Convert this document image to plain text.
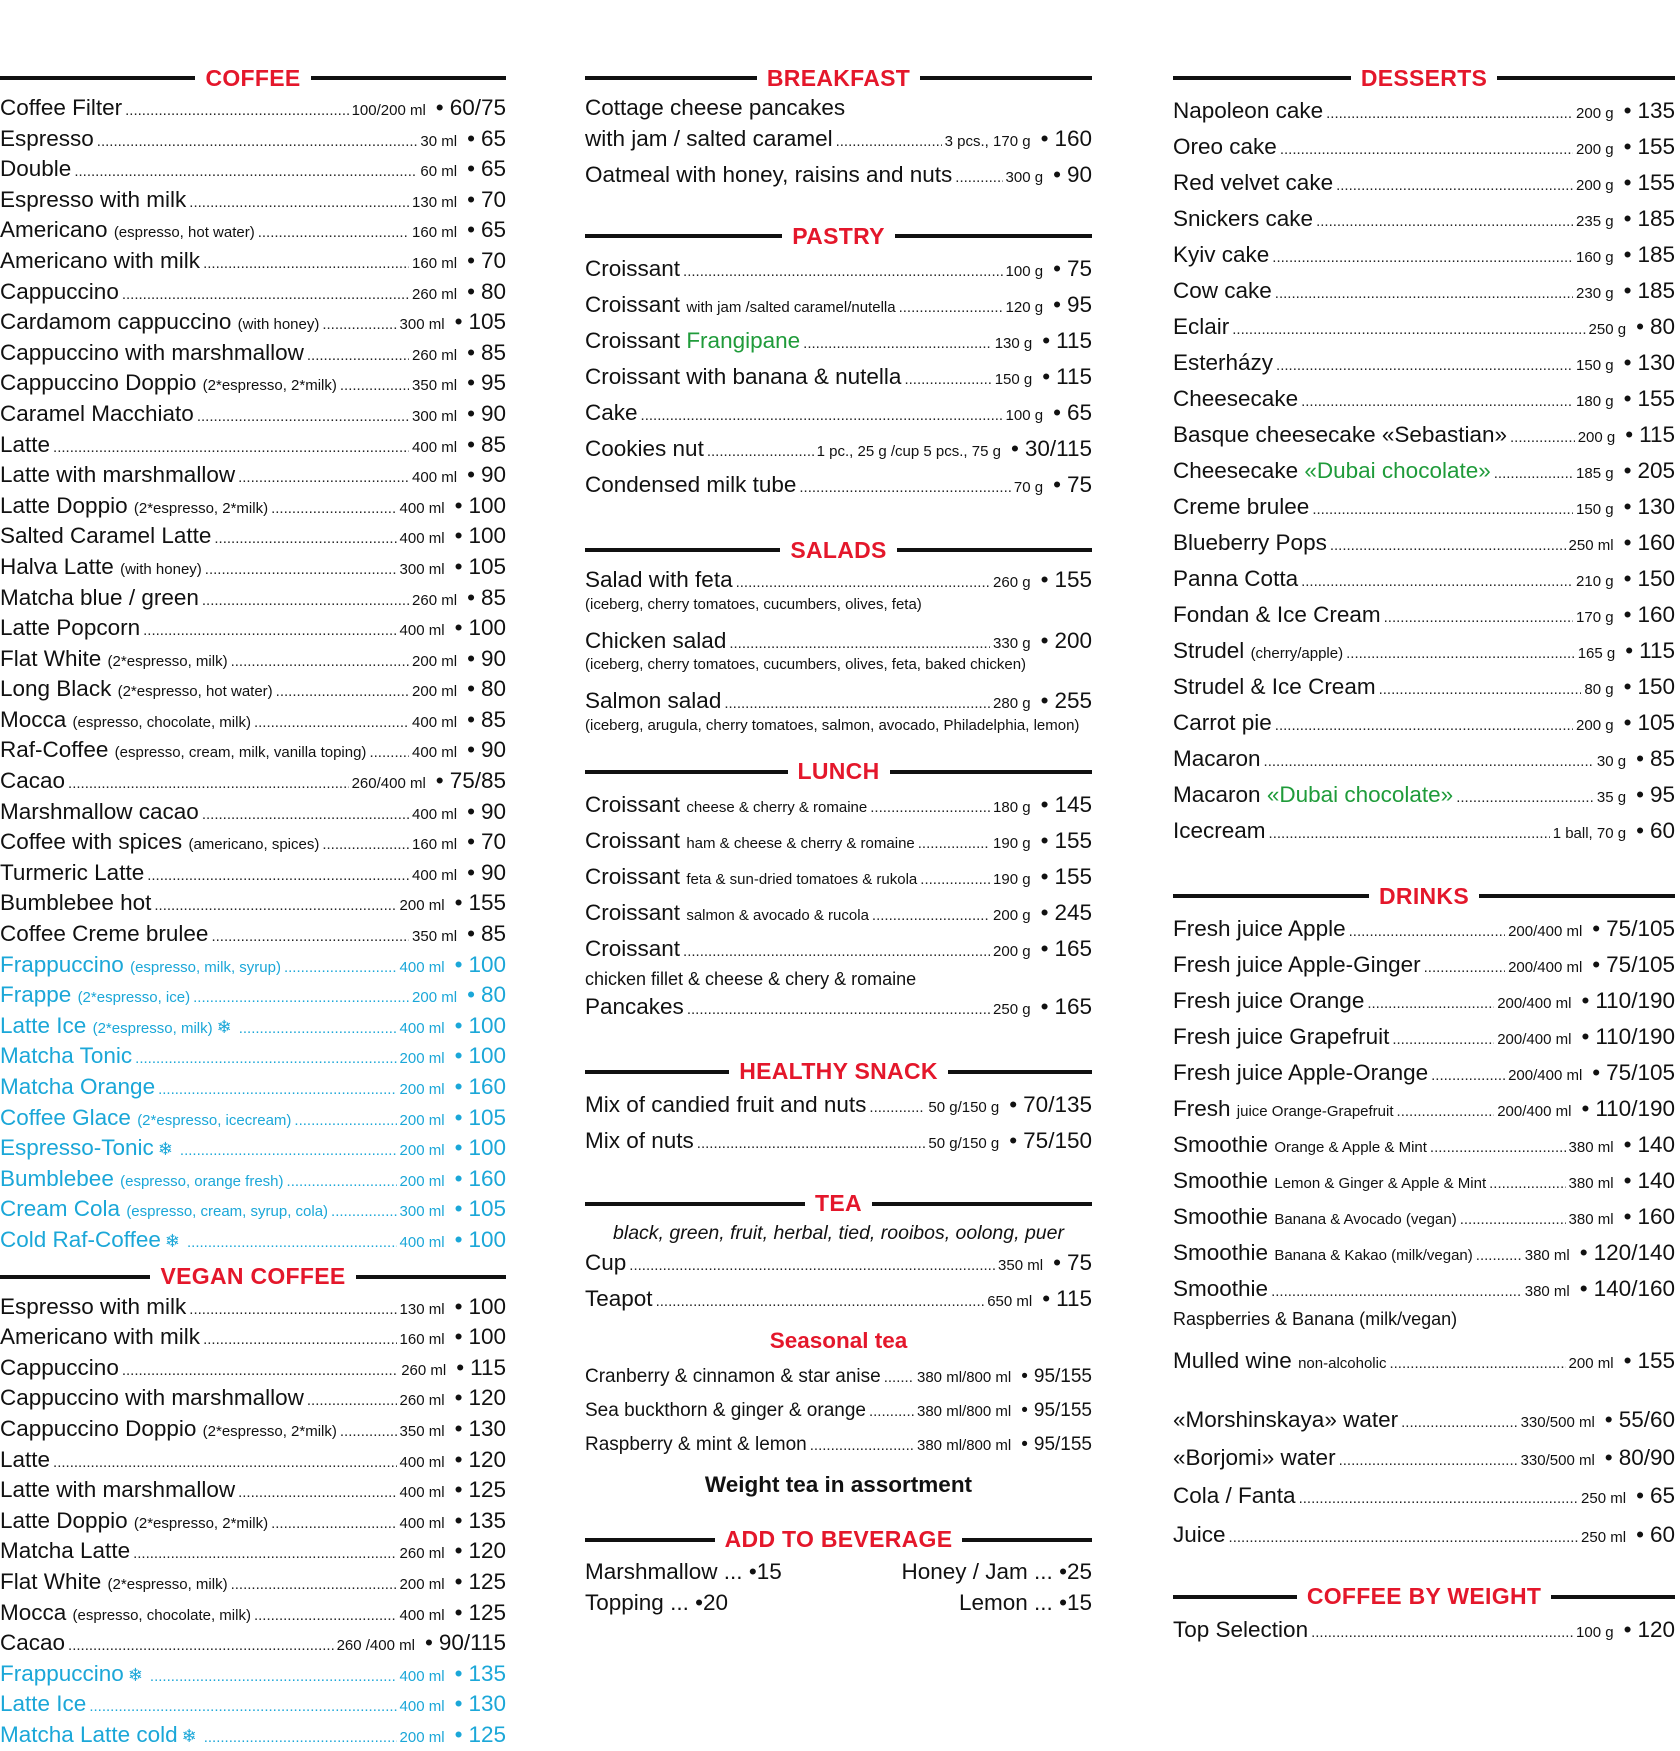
COFFEE
Coffee Filter .....	100/200 ml	• 60/75
Espresso .....	30 ml	• 65
Double .....	60 ml	• 65
Espresso with milk .....	130 ml	• 70
Americano (espresso, hot water) .....	160 ml	• 65
Americano with milk .....	160 ml	• 70
Cappuccino .....	260 ml	• 80
Cardamom cappuccino (with honey) .....	300 ml	• 105
Cappuccino with marshmallow .....	260 ml	• 85
Cappuccino Doppio (2*espresso, 2*milk) .....	350 ml	• 95
Caramel Macchiato .....	300 ml	• 90
Latte .....	400 ml	• 85
Latte with marshmallow .....	400 ml	• 90
Latte Doppio (2*espresso, 2*milk) .....	400 ml	• 100
Salted Caramel Latte .....	400 ml	• 100
Halva Latte (with honey) .....	300 ml	• 105
Matcha blue / green .....	260 ml	• 85
Latte Popcorn .....	400 ml	• 100
Flat White (2*espresso, milk) .....	200 ml	• 90
Long Black (2*espresso, hot water) .....	200 ml	• 80
Mocca (espresso, chocolate, milk) .....	400 ml	• 85
Raf-Coffee (espresso, cream, milk, vanilla toping) .....	400 ml	• 90
Cacao .....	260/400 ml	• 75/85
Marshmallow cacao .....	400 ml	• 90
Coffee with spices (americano, spices) .....	160 ml	• 70
Turmeric Latte .....	400 ml	• 90
Bumblebee hot .....	200 ml	• 155
Coffee Creme brulee .....	350 ml	• 85
Frappuccino (espresso, milk, syrup) .....	400 ml	• 100
Frappe (2*espresso, ice) .....	200 ml	• 80
Latte Ice (2*espresso, milk) ❄ .....	400 ml	• 100
Matcha Tonic .....	200 ml	• 100
Matcha Orange .....	200 ml	• 160
Coffee Glace (2*espresso, icecream) .....	200 ml	• 105
Espresso-Tonic ❄ .....	200 ml	• 100
Bumblebee (espresso, orange fresh) .....	200 ml	• 160
Cream Cola (espresso, cream, syrup, cola) .....	300 ml	• 105
Cold Raf-Coffee ❄ .....	400 ml	• 100
VEGAN COFFEE
Espresso with milk .....	130 ml	• 100
Americano with milk .....	160 ml	• 100
Cappuccino .....	260 ml	• 115
Cappuccino with marshmallow .....	260 ml	• 120
Cappuccino Doppio (2*espresso, 2*milk) .....	350 ml	• 130
Latte .....	400 ml	• 120
Latte with marshmallow .....	400 ml	• 125
Latte Doppio (2*espresso, 2*milk) .....	400 ml	• 135
Matcha Latte .....	260 ml	• 120
Flat White (2*espresso, milk) .....	200 ml	• 125
Mocca (espresso, chocolate, milk) .....	400 ml	• 125
Cacao .....	260 /400 ml	• 90/115
Frappuccino ❄ .....	400 ml	• 135
Latte Ice .....	400 ml	• 130
Matcha Latte cold ❄ .....	200 ml	• 125
BREAKFAST
Cottage cheese pancakes
with jam / salted caramel .....	3 pcs., 170 g	• 160
Oatmeal with honey, raisins and nuts .....	300 g	• 90
PASTRY
Croissant .....	100 g	• 75
Croissant with jam /salted caramel/nutella .....	120 g	• 95
Croissant Frangipane .....	130 g	• 115
Croissant with banana & nutella .....	150 g	• 115
Cake .....	100 g	• 65
Cookies nut .....	1 pc., 25 g /cup 5 pcs., 75 g	• 30/115
Condensed milk tube .....	70 g	• 75
SALADS
Salad with feta .....	260 g	• 155
(iceberg, cherry tomatoes, cucumbers, olives, feta)
Chicken salad .....	330 g	• 200
(iceberg, cherry tomatoes, cucumbers, olives, feta, baked chicken)
Salmon salad .....	280 g	• 255
(iceberg, arugula, cherry tomatoes, salmon, avocado, Philadelphia, lemon)
LUNCH
Croissant cheese & cherry & romaine .....	180 g	• 145
Croissant ham & cheese & cherry & romaine .....	190 g	• 155
Croissant feta & sun-dried tomatoes & rukola .....	190 g	• 155
Croissant salmon & avocado & rucola .....	200 g	• 245
Croissant .....	200 g	• 165
chicken fillet & cheese & chery & romaine
Pancakes .....	250 g	• 165
HEALTHY SNACK
Mix of candied fruit and nuts .....	50 g/150 g	• 70/135
Mix of nuts .....	50 g/150 g	• 75/150
TEA
black, green, fruit, herbal, tied, rooibos, oolong, puer
Cup .....	350 ml	• 75
Teapot .....	650 ml	• 115
Seasonal tea
Cranberry & cinnamon & star anise ..... 380 ml/800 ml	• 95/155
Sea buckthorn & ginger & orange .....	380 ml/800 ml	• 95/155
Raspberry & mint & lemon .....	380 ml/800 ml	• 95/155
Weight tea in assortment
ADD TO BEVERAGE
Marshmallow ... • 15	Honey / Jam ... • 25
Topping ... • 20	Lemon ... • 15
DESSERTS
Napoleon cake .....	200 g	• 135
Oreo cake .....	200 g	• 155
Red velvet cake .....	200 g	• 155
Snickers cake .....	235 g	• 185
Kyiv cake .....	160 g	• 185
Cow cake .....	230 g	• 185
Eclair .....	250 g	• 80
Esterházy .....	150 g	• 130
Cheesecake .....	180 g	• 155
Basque cheesecake «Sebastian» .....	200 g	• 115
Cheesecake «Dubai chocolate» .....	185 g	• 205
Creme brulee .....	150 g	• 130
Blueberry Pops .....	250 ml	• 160
Panna Cotta .....	210 g	• 150
Fondan & Ice Cream .....	170 g	• 160
Strudel (cherry/apple) .....	165 g	• 115
Strudel & Ice Cream .....	80 g	• 150
Carrot pie .....	200 g	• 105
Macaron .....	30 g	• 85
Macaron «Dubai chocolate» .....	35 g	• 95
Icecream .....	1 ball, 70 g	• 60
DRINKS
Fresh juice Apple .....	200/400 ml	• 75/105
Fresh juice Apple-Ginger .....	200/400 ml	• 75/105
Fresh juice Orange .....	200/400 ml	• 110/190
Fresh juice Grapefruit .....	200/400 ml	• 110/190
Fresh juice Apple-Orange .....	200/400 ml	• 75/105
Fresh juice Orange-Grapefruit .....	200/400 ml	• 110/190
Smoothie Orange & Apple & Mint .....	380 ml	• 140
Smoothie Lemon & Ginger & Apple & Mint .....	380 ml	• 140
Smoothie Banana & Avocado (vegan) .....	380 ml	• 160
Smoothie Banana & Kakao (milk/vegan) .....	380 ml	• 120/140
Smoothie .....	380 ml	• 140/160
Raspberries & Banana (milk/vegan)
Mulled wine non-alcoholic .....	200 ml	• 155
«Morshinskaya» water .....	330/500 ml	• 55/60
«Borjomi» water .....	330/500 ml	• 80/90
Cola / Fanta .....	250 ml	• 65
Juice .....	250 ml	• 60
COFFEE BY WEIGHT
Top Selection .....	100 g	• 120
